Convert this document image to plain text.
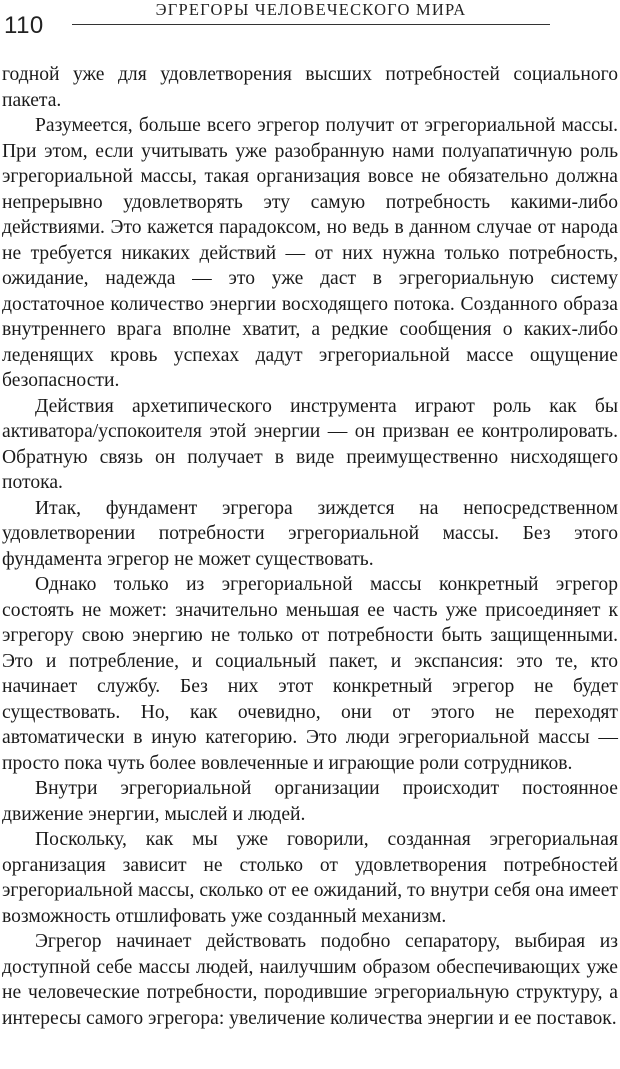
110
ЭГРЕГОРЫ ЧЕЛОВЕЧЕСКОГО МИРА

годной уже для удовлетворения высших потребностей социального пакета.

Разумеется, больше всего эгрегор получит от эгрегориальной массы. При этом, если учитывать уже разобранную нами полуапатичную роль эгрегориальной массы, такая организация вовсе не обязательно должна непрерывно удовлетворять эту самую потребность какими-либо действиями. Это кажется парадоксом, но ведь в данном случае от народа не требуется никаких действий — от них нужна только потребность, ожидание, надежда — это уже даст в эгрегориальную систему достаточное количество энергии восходящего потока. Созданного образа внутреннего врага вполне хватит, а редкие сообщения о каких-либо леденящих кровь успехах дадут эгрегориальной массе ощущение безопасности.

Действия архетипического инструмента играют роль как бы активатора/успокоителя этой энергии — он призван ее контролировать. Обратную связь он получает в виде преимущественно нисходящего потока.

Итак, фундамент эгрегора зиждется на непосредственном удовлетворении потребности эгрегориальной массы. Без этого фундамента эгрегор не может существовать.

Однако только из эгрегориальной массы конкретный эгрегор состоять не может: значительно меньшая ее часть уже присоединяет к эгрегору свою энергию не только от потребности быть защищенными. Это и потребление, и социальный пакет, и экспансия: это те, кто начинает службу. Без них этот конкретный эгрегор не будет существовать. Но, как очевидно, они от этого не переходят автоматически в иную категорию. Это люди эгрегориальной массы — просто пока чуть более вовлеченные и играющие роли сотрудников.

Внутри эгрегориальной организации происходит постоянное движение энергии, мыслей и людей.

Поскольку, как мы уже говорили, созданная эгрегориальная организация зависит не столько от удовлетворения потребностей эгрегориальной массы, сколько от ее ожиданий, то внутри себя она имеет возможность отшлифовать уже созданный механизм.

Эгрегор начинает действовать подобно сепаратору, выбирая из доступной себе массы людей, наилучшим образом обеспечивающих уже не человеческие потребности, породившие эгрегориальную структуру, а интересы самого эгрегора: увеличение количества энергии и ее поставок.
